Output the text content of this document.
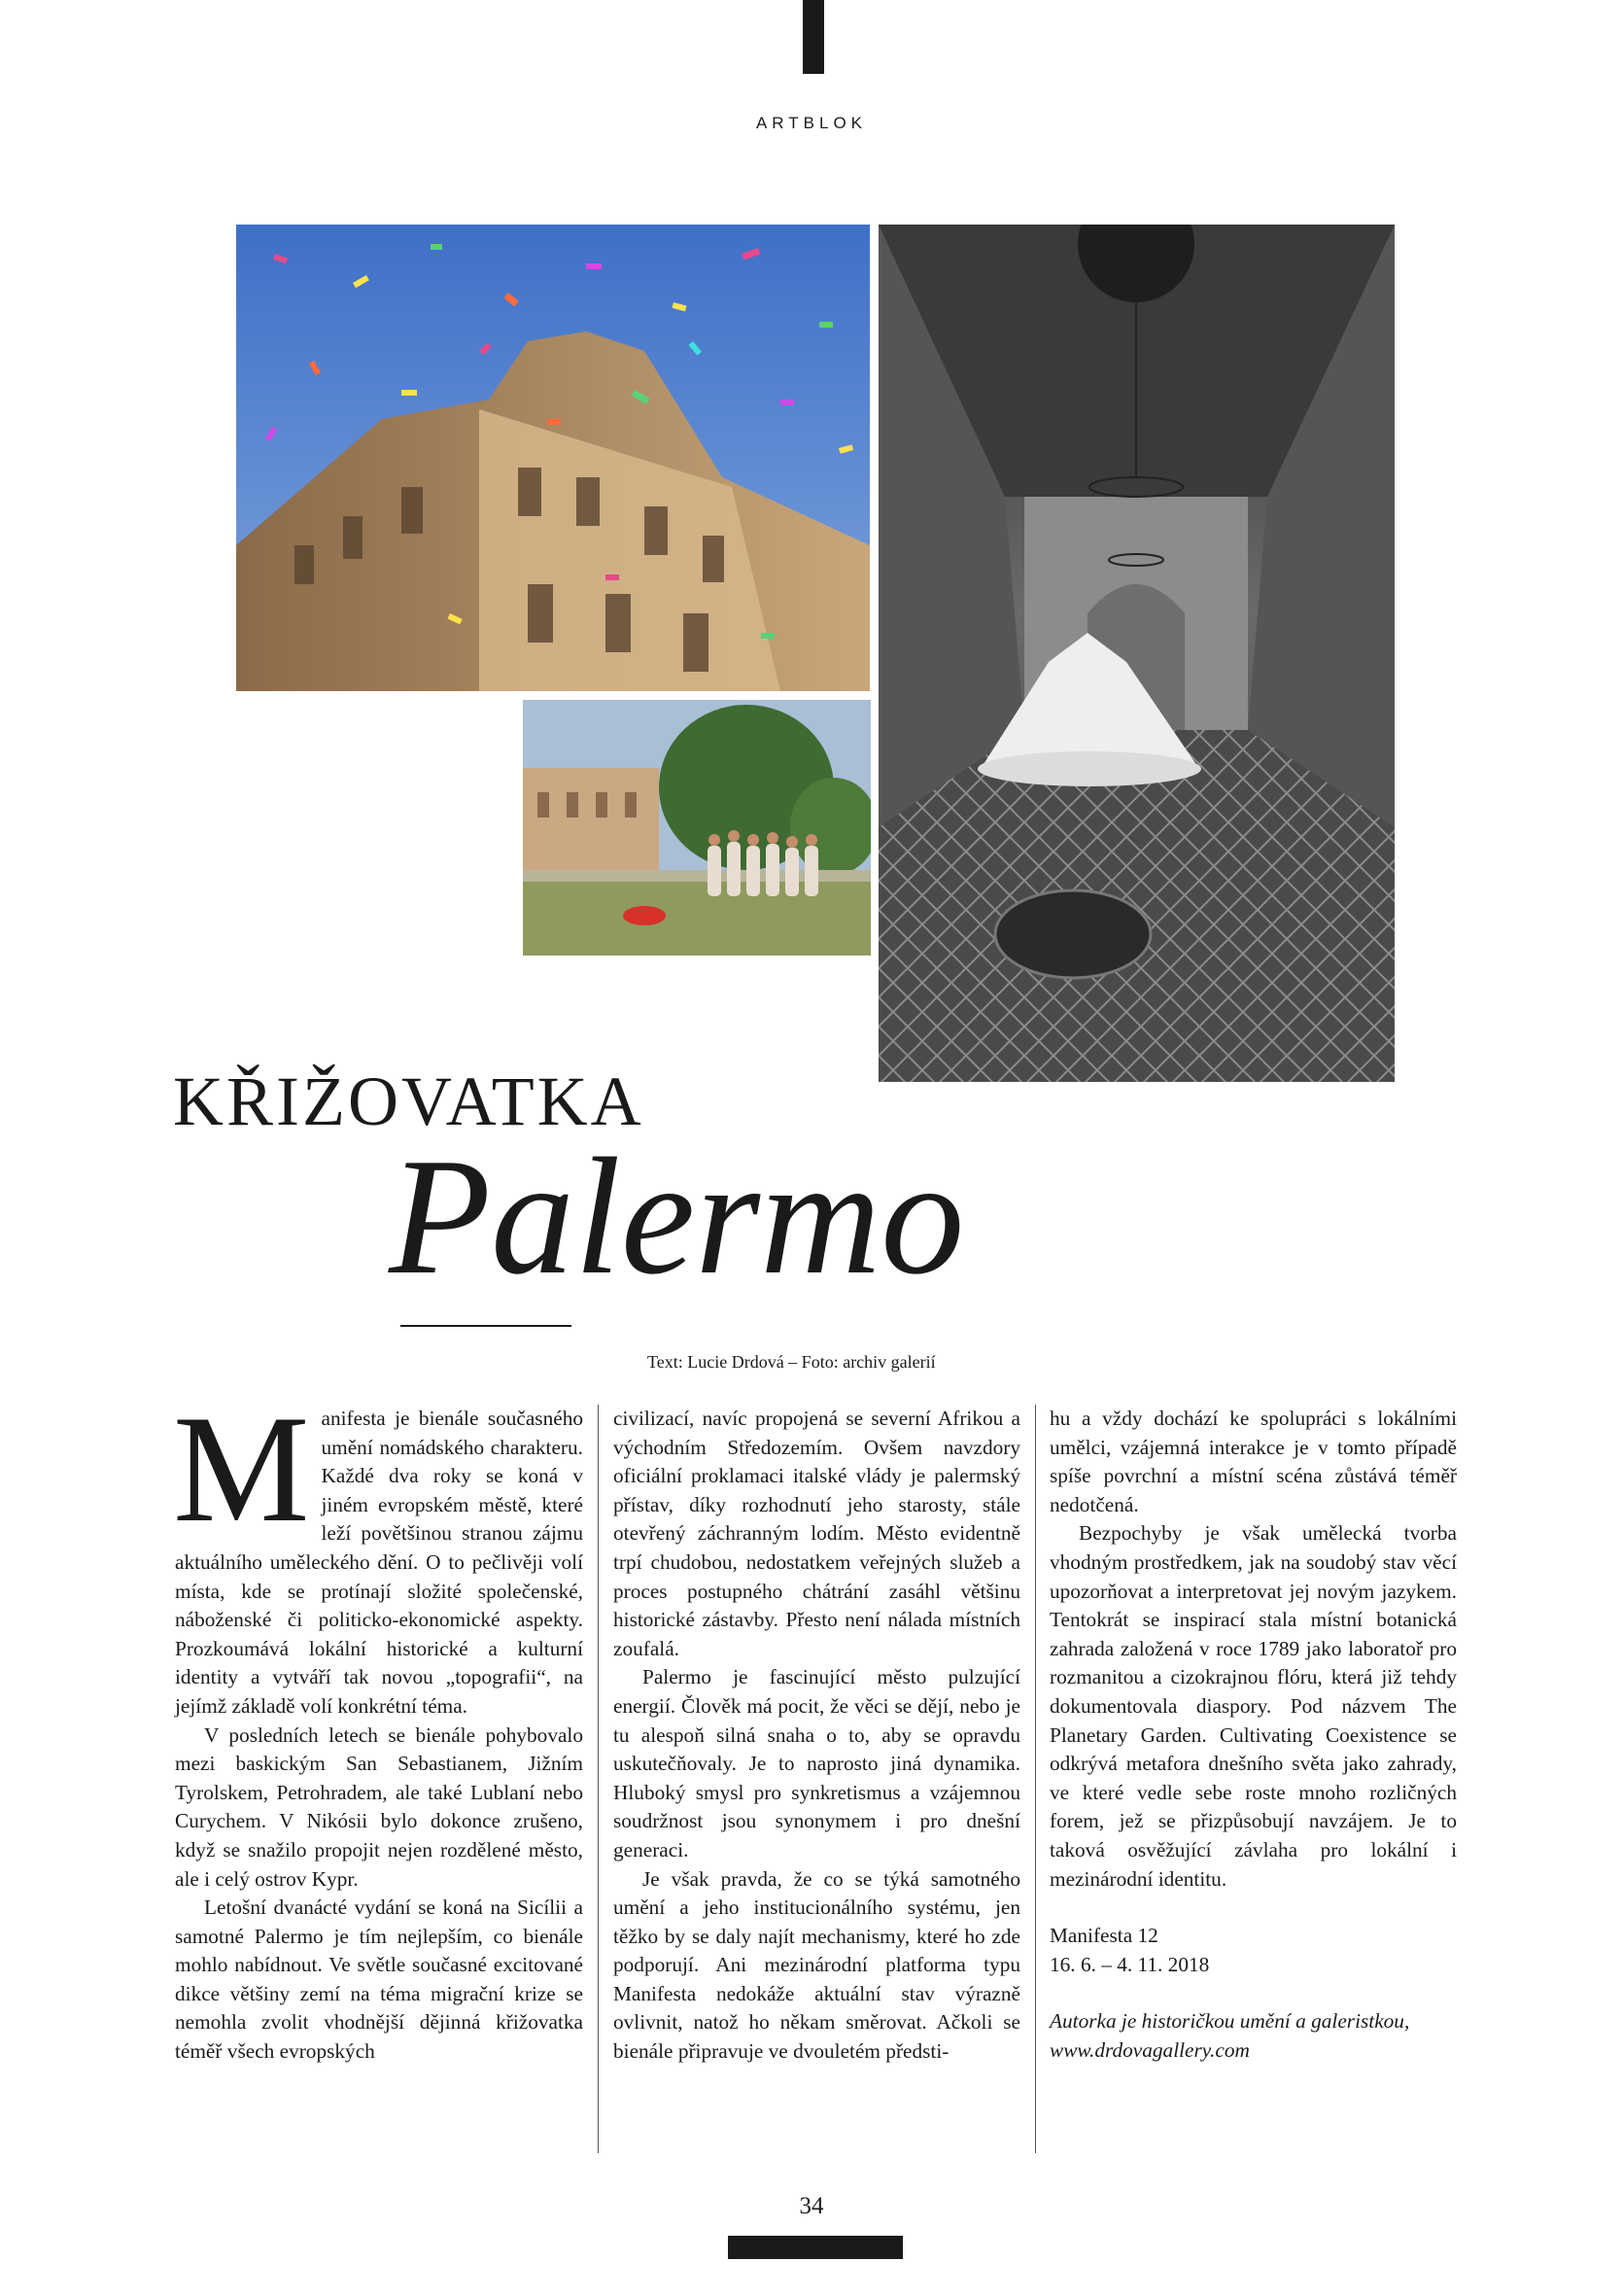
ARTBLOK
KŘIŽOVATKA
Palermo
Text: Lucie Drdová – Foto: archiv galerií

Manifesta je bienále současného umění nomádského charakteru. Každé dva roky se koná v jiném evropském městě, které leží povětšinou stranou zájmu aktuálního uměleckého dění. O to pečlivěji volí místa, kde se protínají složité společenské, náboženské či politicko-ekonomické aspekty. Prozkoumává lokální historické a kulturní identity a vytváří tak novou „topografii“, na jejímž základě volí konkrétní téma.

V posledních letech se bienále pohybovalo mezi baskickým San Sebastianem, Jižním Tyrolskem, Petrohradem, ale také Lublaní nebo Curychem. V Nikósii bylo dokonce zrušeno, když se snažilo propojit nejen rozdělené město, ale i celý ostrov Kypr.

Letošní dvanácté vydání se koná na Sicílii a samotné Palermo je tím nejlepším, co bienále mohlo nabídnout. Ve světle současné excitované dikce většiny zemí na téma migrační krize se nemohla zvolit vhodnější dějinná křižovatka téměř všech evropských

civilizací, navíc propojená se severní Afrikou a východním Středozemím. Ovšem navzdory oficiální proklamaci italské vlády je palermský přístav, díky rozhodnutí jeho starosty, stále otevřený záchranným lodím. Město evidentně trpí chudobou, nedostatkem veřejných služeb a proces postupného chátrání zasáhl většinu historické zástavby. Přesto není nálada místních zoufalá.

Palermo je fascinující město pulzující energií. Člověk má pocit, že věci se dějí, nebo je tu alespoň silná snaha o to, aby se opravdu uskutečňovaly. Je to naprosto jiná dynamika. Hluboký smysl pro synkretismus a vzájemnou soudržnost jsou synonymem i pro dnešní generaci.

Je však pravda, že co se týká samotného umění a jeho institucionálního systému, jen těžko by se daly najít mechanismy, které ho zde podporují. Ani mezinárodní platforma typu Manifesta nedokáže aktuální stav výrazně ovlivnit, natož ho někam směrovat. Ačkoli se bienále připravuje ve dvouletém předsti-

hu a vždy dochází ke spolupráci s lokálními umělci, vzájemná interakce je v tomto případě spíše povrchní a místní scéna zůstává téměř nedotčená.

Bezpochyby je však umělecká tvorba vhodným prostředkem, jak na soudobý stav věcí upozorňovat a interpretovat jej novým jazykem. Tentokrát se inspirací stala místní botanická zahrada založená v roce 1789 jako laboratoř pro rozmanitou a cizokrajnou flóru, která již tehdy dokumentovala diaspory. Pod názvem The Planetary Garden. Cultivating Coexistence se odkrývá metafora dnešního světa jako zahrady, ve které vedle sebe roste mnoho rozličných forem, jež se přizpůsobují navzájem. Je to taková osvěžující závlaha pro lokální i mezinárodní identitu.

Manifesta 12

16. 6. – 4. 11. 2018

Autorka je historičkou umění a galeristkou,

www.drdovagallery.com

34
